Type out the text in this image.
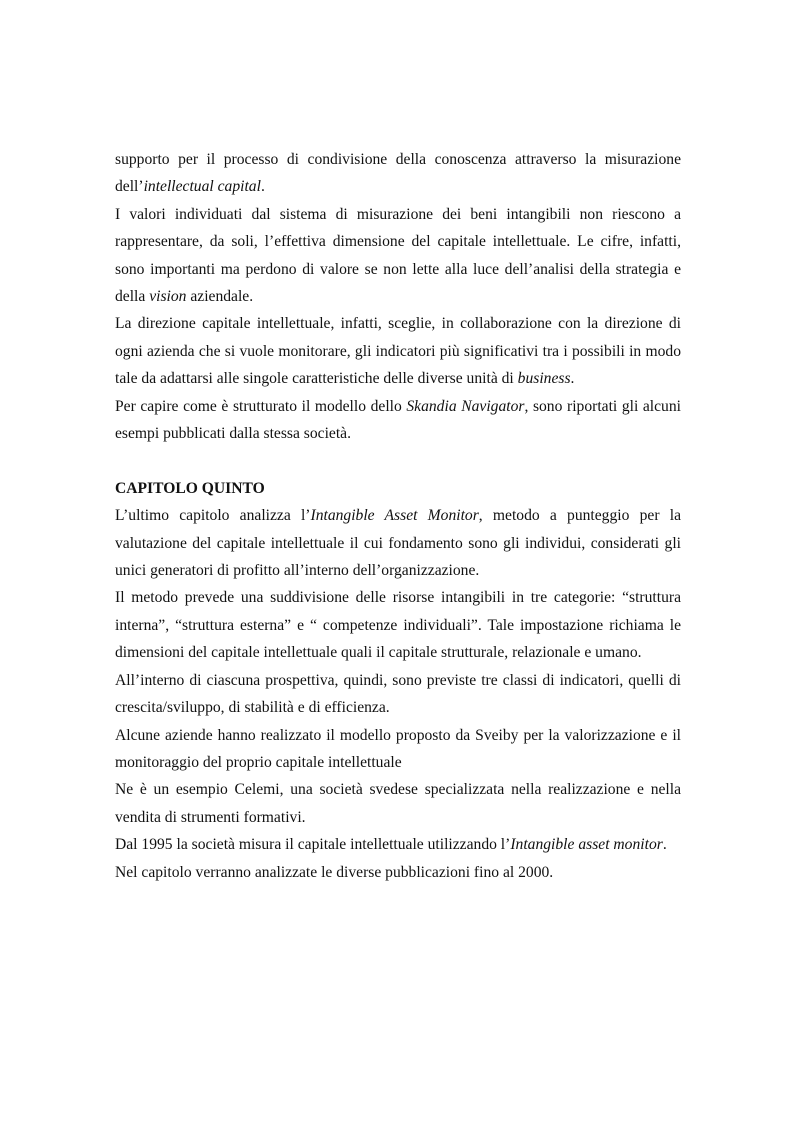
supporto per il processo di condivisione della conoscenza attraverso la misurazione dell’intellectual capital.

I valori individuati dal sistema di misurazione dei beni intangibili non riescono a rappresentare, da soli, l’effettiva dimensione del capitale intellettuale. Le cifre, infatti, sono importanti ma perdono di valore se non lette alla luce dell’analisi della strategia e della vision aziendale.

La direzione capitale intellettuale, infatti, sceglie, in collaborazione con la direzione di ogni azienda che si vuole monitorare, gli indicatori più significativi tra i possibili in modo tale da adattarsi alle singole caratteristiche delle diverse unità di business.

Per capire come è strutturato il modello dello Skandia Navigator, sono riportati gli alcuni esempi pubblicati dalla stessa società.

CAPITOLO QUINTO

L’ultimo capitolo analizza l’Intangible Asset Monitor, metodo a punteggio per la valutazione del capitale intellettuale il cui fondamento sono gli individui, considerati gli unici generatori di profitto all’interno dell’organizzazione.

Il metodo prevede una suddivisione delle risorse intangibili in tre categorie: “struttura interna”, “struttura esterna” e “ competenze individuali”. Tale impostazione richiama le dimensioni del capitale intellettuale quali il capitale strutturale, relazionale e umano.

All’interno di ciascuna prospettiva, quindi, sono previste tre classi di indicatori, quelli di crescita/sviluppo, di stabilità e di efficienza.

Alcune aziende hanno realizzato il modello proposto da Sveiby per la valorizzazione e il monitoraggio del proprio capitale intellettuale

Ne è un esempio Celemi, una società svedese specializzata nella realizzazione e nella vendita di strumenti formativi.

Dal 1995 la società misura il capitale intellettuale utilizzando l’Intangible asset monitor.

Nel capitolo verranno analizzate le diverse pubblicazioni fino al 2000.
